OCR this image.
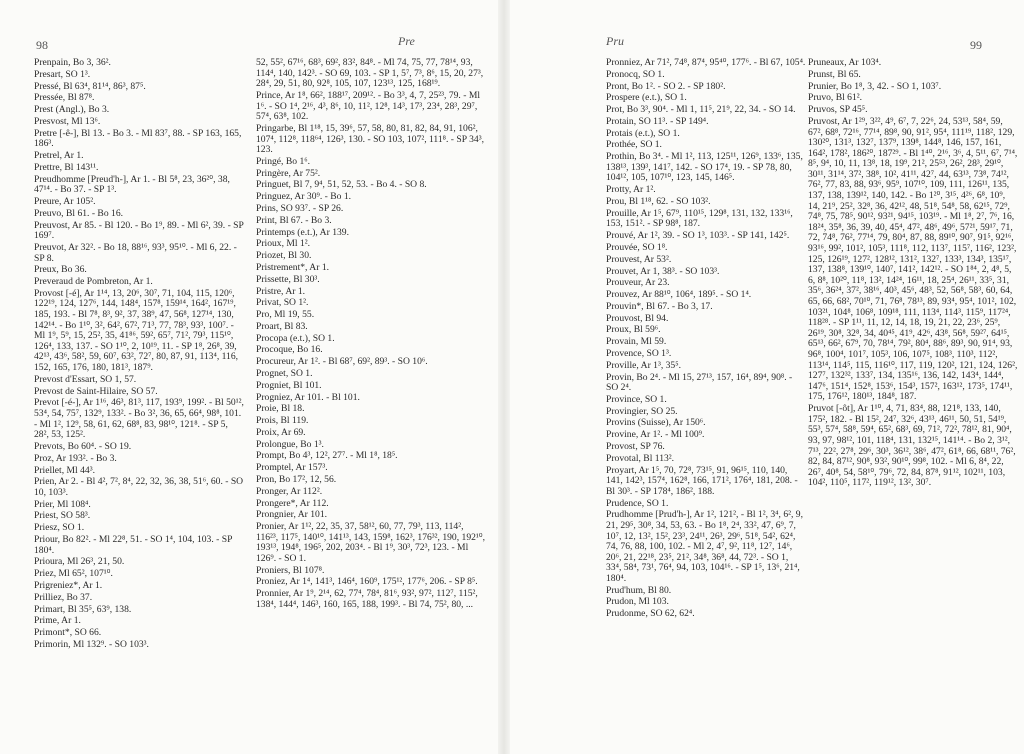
98	Pre

Prenpain, Bo 3, 36².

Presart, SO 1³.

Pressé, Bl 63⁴, 81¹⁴, 86³, 87⁵.

Pressée, Bl 87⁸.

Prest (Angl.), Bo 3.

Presvost, Ml 13⁶.

Pretre [-ê-], Bl 13. - Bo 3. - Ml 83⁷, 88. - SP 163, 165, 186³.

Pretrel, Ar 1.

Prettre, Bl 143¹¹.

Preudhomme [Preud'h-], Ar 1. - Bl 5⁸, 23, 36²⁰, 38, 47¹⁴. - Bo 37. - SP 1³.

Preure, Ar 105².

Preuvo, Bl 61. - Bo 16.

Preuvost, Ar 85. - Bl 120. - Bo 1⁹, 89. - Ml 6², 39. - SP 169⁷.

Preuvot, Ar 32². - Bo 18, 88¹⁶, 93³, 95¹⁰. - Ml 6, 22. - SP 8.

Preux, Bo 36.

Preveraud de Pombreton, Ar 1.

Provost [-é], Ar 1¹⁴, 13, 20⁶, 30⁷, 71, 104, 115, 120⁶, 122¹⁹, 124, 127⁶, 144, 148⁴, 157⁸, 159¹⁴, 164², 167¹⁹, 185, 193. - Bl 7⁸, 8³, 9², 37, 38⁹, 47, 56⁸, 127¹⁴, 130, 142¹⁴. - Bo 1¹⁰, 3², 64², 67², 71³, 77, 78³, 93³, 100⁷. - Ml 1⁹, 5⁹, 15, 25², 35, 41⁸⁶, 59², 65⁷, 71², 79³, 115¹⁰, 126⁴, 133, 137. - SO 1¹⁰, 2, 10¹⁹, 11. - SP 1⁸, 26⁸, 39, 42¹³, 43⁶, 58², 59, 60⁷, 63², 72⁷, 80, 87, 91, 113⁴, 116, 152, 165, 176, 180, 181³, 187⁹.

Prevost d'Essart, SO 1, 57.

Prevost de Saint-Hilaire, SO 57.

Prevot [-é-], Ar 1¹⁶, 46³, 81³, 117, 193⁹, 199². - Bl 50¹², 53⁴, 54, 75⁷, 132⁹, 133². - Bo 3², 36, 65, 66⁴, 98⁸, 101. - Ml 1², 12⁹, 58, 61, 62, 68⁸, 83, 98¹⁰, 121⁸. - SP 5, 28², 53, 125².

Prevots, Bo 60⁴. - SO 19.

Proz, Ar 193². - Bo 3.

Priellet, Ml 44³.

Prien, Ar 2. - Bl 4², 7², 8⁴, 22, 32, 36, 38, 51⁶, 60. - SO 10, 103³.

Prier, Ml 108⁴.

Priest, SO 58³.

Priesz, SO 1.

Priour, Bo 82². - Ml 22⁸, 51. - SO 1⁴, 104, 103. - SP 180⁴.

Prioura, Ml 26³, 21, 50.

Priez, Ml 65², 107¹⁰.

Prigreniez*, Ar 1.

Prilliez, Bo 37.

Primart, Bl 35⁵, 63⁹, 138.

Prime, Ar 1.

Primont*, SO 66.

Primorin, Ml 132⁹. - SO 103³.

52, 55², 67¹⁶, 68³, 69², 83², 84⁸. - Ml 74, 75, 77, 78¹⁴, 93, 114⁴, 140, 142³. - SO 69, 103. - SP 1, 5⁷, 7³, 8⁶, 15, 20, 27³, 28⁴, 29, 51, 80, 92⁸, 105, 107, 123¹³, 125, 168¹⁹.

Prince, Ar 1⁸, 66², 188¹⁷, 209¹². - Bo 3³, 4, 7, 25²³, 79. - Ml 1⁶. - SO 1⁴, 2¹⁶, 4³, 8⁶, 10, 11², 12⁸, 14³, 17³, 23⁴, 28³, 29⁷, 57⁴, 63⁸, 102.

Pringarbe, Bl 1¹⁸, 15, 39⁶, 57, 58, 80, 81, 82, 84, 91, 106², 107⁴, 112⁸, 118⁶⁴, 126³, 130. - SO 103, 107², 111⁸. - SP 34³, 123.

Pringé, Bo 1⁶.

Pringère, Ar 75².

Pringuet, Bl 7, 9⁴, 51, 52, 53. - Bo 4. - SO 8.

Pringuez, Ar 30⁹. - Bo 1.

Prins, SO 93⁷. - SP 26.

Print, Bl 67. - Bo 3.

Printemps (e.t.), Ar 139.

Prioux, Ml 1².

Priozet, Bl 30.

Pristrement*, Ar 1.

Prissette, Bl 30³.

Pristre, Ar 1.

Privat, SO 1².

Pro, Ml 19, 55.

Proart, Bl 83.

Procopa (e.t.), SO 1.

Procoque, Bo 16.

Procureur, Ar 1². - Bl 68⁷, 69², 89³. - SO 10⁶.

Prognet, SO 1.

Progniet, Bl 101.

Progniez, Ar 101. - Bl 101.

Proie, Bl 18.

Prois, Bl 119.

Proix, Ar 69.

Prolongue, Bo 1³.

Prompt, Bo 4³, 12², 27⁷. - Ml 1⁸, 18⁵.

Promptel, Ar 157³.

Pron, Bo 17², 12, 56.

Pronger, Ar 112².

Prongere*, Ar 112.

Prongnier, Ar 101.

Pronier, Ar 1¹², 22, 35, 37, 58¹², 60, 77, 79³, 113, 114², 116²³, 117⁵, 140¹⁰, 141¹³, 143, 159⁸, 162³, 176³², 190, 192¹⁰, 193¹³, 194⁸, 196⁵, 202, 203⁴. - Bl 1⁹, 30³, 72³, 123. - Ml 126⁹. - SO 1.

Proniers, Bl 107⁸.

Proniez, Ar 1⁴, 141³, 146⁴, 160⁹, 175¹², 177⁶, 206. - SP 8⁵.

Pronnier, Ar 1⁹, 2¹⁴, 62, 77⁴, 78⁴, 81⁶, 93², 97², 112⁷, 115², 138⁴, 144⁴, 146³, 160, 165, 188, 199³. - Bl 74, 75², 80, ...

Pru	99

Pronniez, Ar 71², 74⁸, 87⁴, 95⁴⁰, 177⁶. - Bl 67, 105⁴.

Pronocq, SO 1.

Pront, Bo 1². - SO 2. - SP 180².

Prospere (e.t.), SO 1.

Prot, Bo 3³, 90⁴. - Ml 1, 11⁵, 21⁹, 22, 34. - SO 14.

Protain, SO 11³. - SP 149⁴.

Protais (e.t.), SO 1.

Prothée, SO 1.

Prothin, Bo 3⁴. - Ml 1², 113, 125¹¹, 126⁹, 133⁶, 135, 138¹³, 139³, 141⁷, 142. - SO 17⁴, 19. - SP 78, 80, 104¹², 105, 107¹⁰, 123, 145, 146⁵.

Protty, Ar 1².

Prou, Bl 1¹⁸, 62. - SO 103².

Prouille, Ar 1⁵, 67⁹, 110¹⁵, 129⁸, 131, 132, 133¹⁶, 153, 151². - SP 98⁸, 187.

Prouvé, Ar 1², 39. - SO 1³, 103³. - SP 141, 142⁵.

Prouvée, SO 1⁸.

Prouvest, Ar 53².

Prouvet, Ar 1, 38³. - SO 103³.

Prouveur, Ar 23.

Prouvez, Ar 88¹⁰, 106⁴, 189⁵. - SO 1⁴.

Prouvin*, Bl 67. - Bo 3, 17.

Prouvost, Bl 94.

Proux, Bl 59⁶.

Provain, Ml 59.

Provence, SO 1³.

Proville, Ar 1³, 35⁵.

Provin, Bo 2⁴. - Ml 15, 27¹³, 157, 16⁴, 89⁴, 90⁸. - SO 2⁴.

Province, SO 1.

Provingier, SO 25.

Provins (Suisse), Ar 150⁶.

Provine, Ar 1². - Ml 100⁹.

Provost, SP 76.

Provotal, Bl 113².

Proyart, Ar 1⁵, 70, 72⁸, 73¹⁵, 91, 96¹⁵, 110, 140, 141, 142³, 157⁴, 162⁸, 166, 171², 176⁴, 181, 208. - Bl 30³. - SP 178⁴, 186², 188.

Prudence, SO 1.

Prudhomme [Prud'h-], Ar 1², 121², - Bl 1², 3⁴, 6², 9, 21, 29⁵, 30⁸, 34, 53, 63. - Bo 1⁸, 2⁴, 33², 47, 6⁹, 7, 10⁷, 12, 13², 15², 23³, 24¹¹, 26³, 29⁶, 51⁸, 54², 62⁴, 74, 76, 88, 100, 102. - Ml 2, 4⁷, 9², 11⁸, 12⁷, 14⁶, 20⁶, 21, 22¹⁸, 23⁵, 21², 34⁸, 36⁸, 44, 72³. - SO 1, 33⁴, 58⁴, 73¹, 76⁴, 94, 103, 104¹⁶. - SP 1⁵, 13⁶, 21⁴, 180⁴.

Prud'hum, Bl 80.

Prudon, Ml 103.

Prudonme, SO 62, 62⁴.

Pruneaux, Ar 103⁴.

Prunst, Bl 65.

Prunier, Bo 1⁸, 3, 42. - SO 1, 103⁷.

Pruvo, Bl 61².

Pruvos, SP 45⁵.

Pruvost, Ar 1²⁹, 3²², 4⁹, 6⁷, 7, 22⁶, 24, 53¹³, 58⁴, 59, 67², 68⁸, 72¹⁶, 77¹⁴, 89⁸, 90, 91², 95⁴, 111¹⁹, 118², 129, 130²⁰, 131³, 132⁷, 137⁹, 139⁸, 144⁸, 146, 157, 161, 164², 178², 186²⁰, 187²⁹. - Bl 1⁴⁰, 2¹⁶, 3⁶, 4, 5¹¹, 6⁷, 7¹⁴, 8⁵, 9⁴, 10, 11, 13⁸, 18, 19⁹, 21², 25⁵³, 26², 28³, 29¹⁰, 30¹¹, 31¹⁴, 37², 38⁸, 10², 41¹¹, 42⁷, 44, 63¹³, 73⁸, 74¹², 76², 77, 83, 88, 93⁶, 95⁹, 107¹⁰, 109, 111, 126¹¹, 135, 137, 138, 139¹², 140, 142. - Bo 1²⁰, 3¹⁵, 4²⁶, 6⁸, 10⁹, 14, 21⁹, 25², 32⁸, 36, 42¹², 48, 51⁸, 54⁸, 58, 62¹⁵, 72⁹, 74⁸, 75, 78⁵, 90¹², 93²¹, 94¹⁵, 103¹⁹. - Ml 1⁸, 2⁷, 7⁶, 16, 18²⁴, 35⁸, 36, 39, 40, 45⁴, 47², 48⁶, 49⁶, 57²¹, 59¹⁷, 71, 72, 74⁸, 76², 77¹⁴, 79, 80⁴, 87, 88, 89¹⁰, 90⁷, 91⁵, 92¹⁶, 93¹⁶, 99², 101², 105³, 111⁸, 112, 113⁷, 115⁷, 116², 123², 125, 126¹⁹, 127², 128¹², 131², 132⁷, 133³, 134³, 135¹⁷, 137, 138⁸, 139¹⁰, 140⁷, 141², 142¹². - SO 1⁸⁴, 2, 4⁸, 5, 6, 8⁸, 10²⁰, 11⁸, 13², 14²⁴, 16¹¹, 18, 25⁴, 26¹¹, 33⁵, 31, 35⁶, 36²⁴, 37², 38¹⁶, 40³, 45⁶, 48³, 52, 56⁸, 58³, 60, 64, 65, 66, 68², 70¹⁰, 71, 76⁸, 78¹³, 89, 93⁴, 95⁴, 101², 102, 103²¹, 104⁸, 106⁸, 109¹⁸, 111, 113⁴, 114³, 115⁹, 117²⁴, 118²⁸. - SP 1¹¹, 11, 12, 14, 18, 19, 21, 22, 23⁶, 25⁹, 26¹⁹, 30⁸, 32⁸, 34, 40⁴⁵, 41⁹, 42⁶, 43⁸, 56⁸, 59²⁷, 64¹⁵, 65¹³, 66², 67⁹, 70, 78¹⁴, 79², 80⁴, 88⁶, 89³, 90, 91⁴, 93, 96⁸, 100⁴, 101⁷, 105³, 106, 107⁵, 108³, 110³, 112², 113¹⁴, 114⁵, 115, 116¹⁰, 117, 119, 120², 121, 124, 126², 127⁷, 132³², 133⁷, 134, 135¹⁶, 136, 142, 143⁴, 144⁴, 147⁶, 151⁴, 152⁸, 153⁶, 154³, 157², 163¹², 173⁵, 174¹¹, 175, 176¹², 180¹³, 184⁸, 187.

Pruvot [-ôt], Ar 1¹⁰, 4, 71, 83⁴, 88, 121⁸, 133, 140, 175², 182. - Bl 15², 24⁷, 32⁶, 43¹³, 46¹¹, 50, 51, 54¹⁹, 55³, 57⁴, 58⁸, 59⁴, 65², 68³, 69, 71², 72², 78¹², 81, 90⁴, 93, 97, 98¹², 101, 118⁴, 131, 132¹⁵, 141¹⁴. - Bo 2, 3¹², 7¹³, 22², 27⁸, 29⁶, 30³, 36¹², 38⁶, 47², 61⁸, 66, 68¹¹, 76², 82, 84, 87¹², 90⁸, 93², 90¹⁰, 99⁸, 102. - Ml 6, 8⁴, 22, 26⁷, 40⁸, 54, 58¹⁰, 79⁶, 72, 84, 87⁸, 91¹², 102¹¹, 103, 104², 110⁵, 117², 119¹², 13², 30⁷.
